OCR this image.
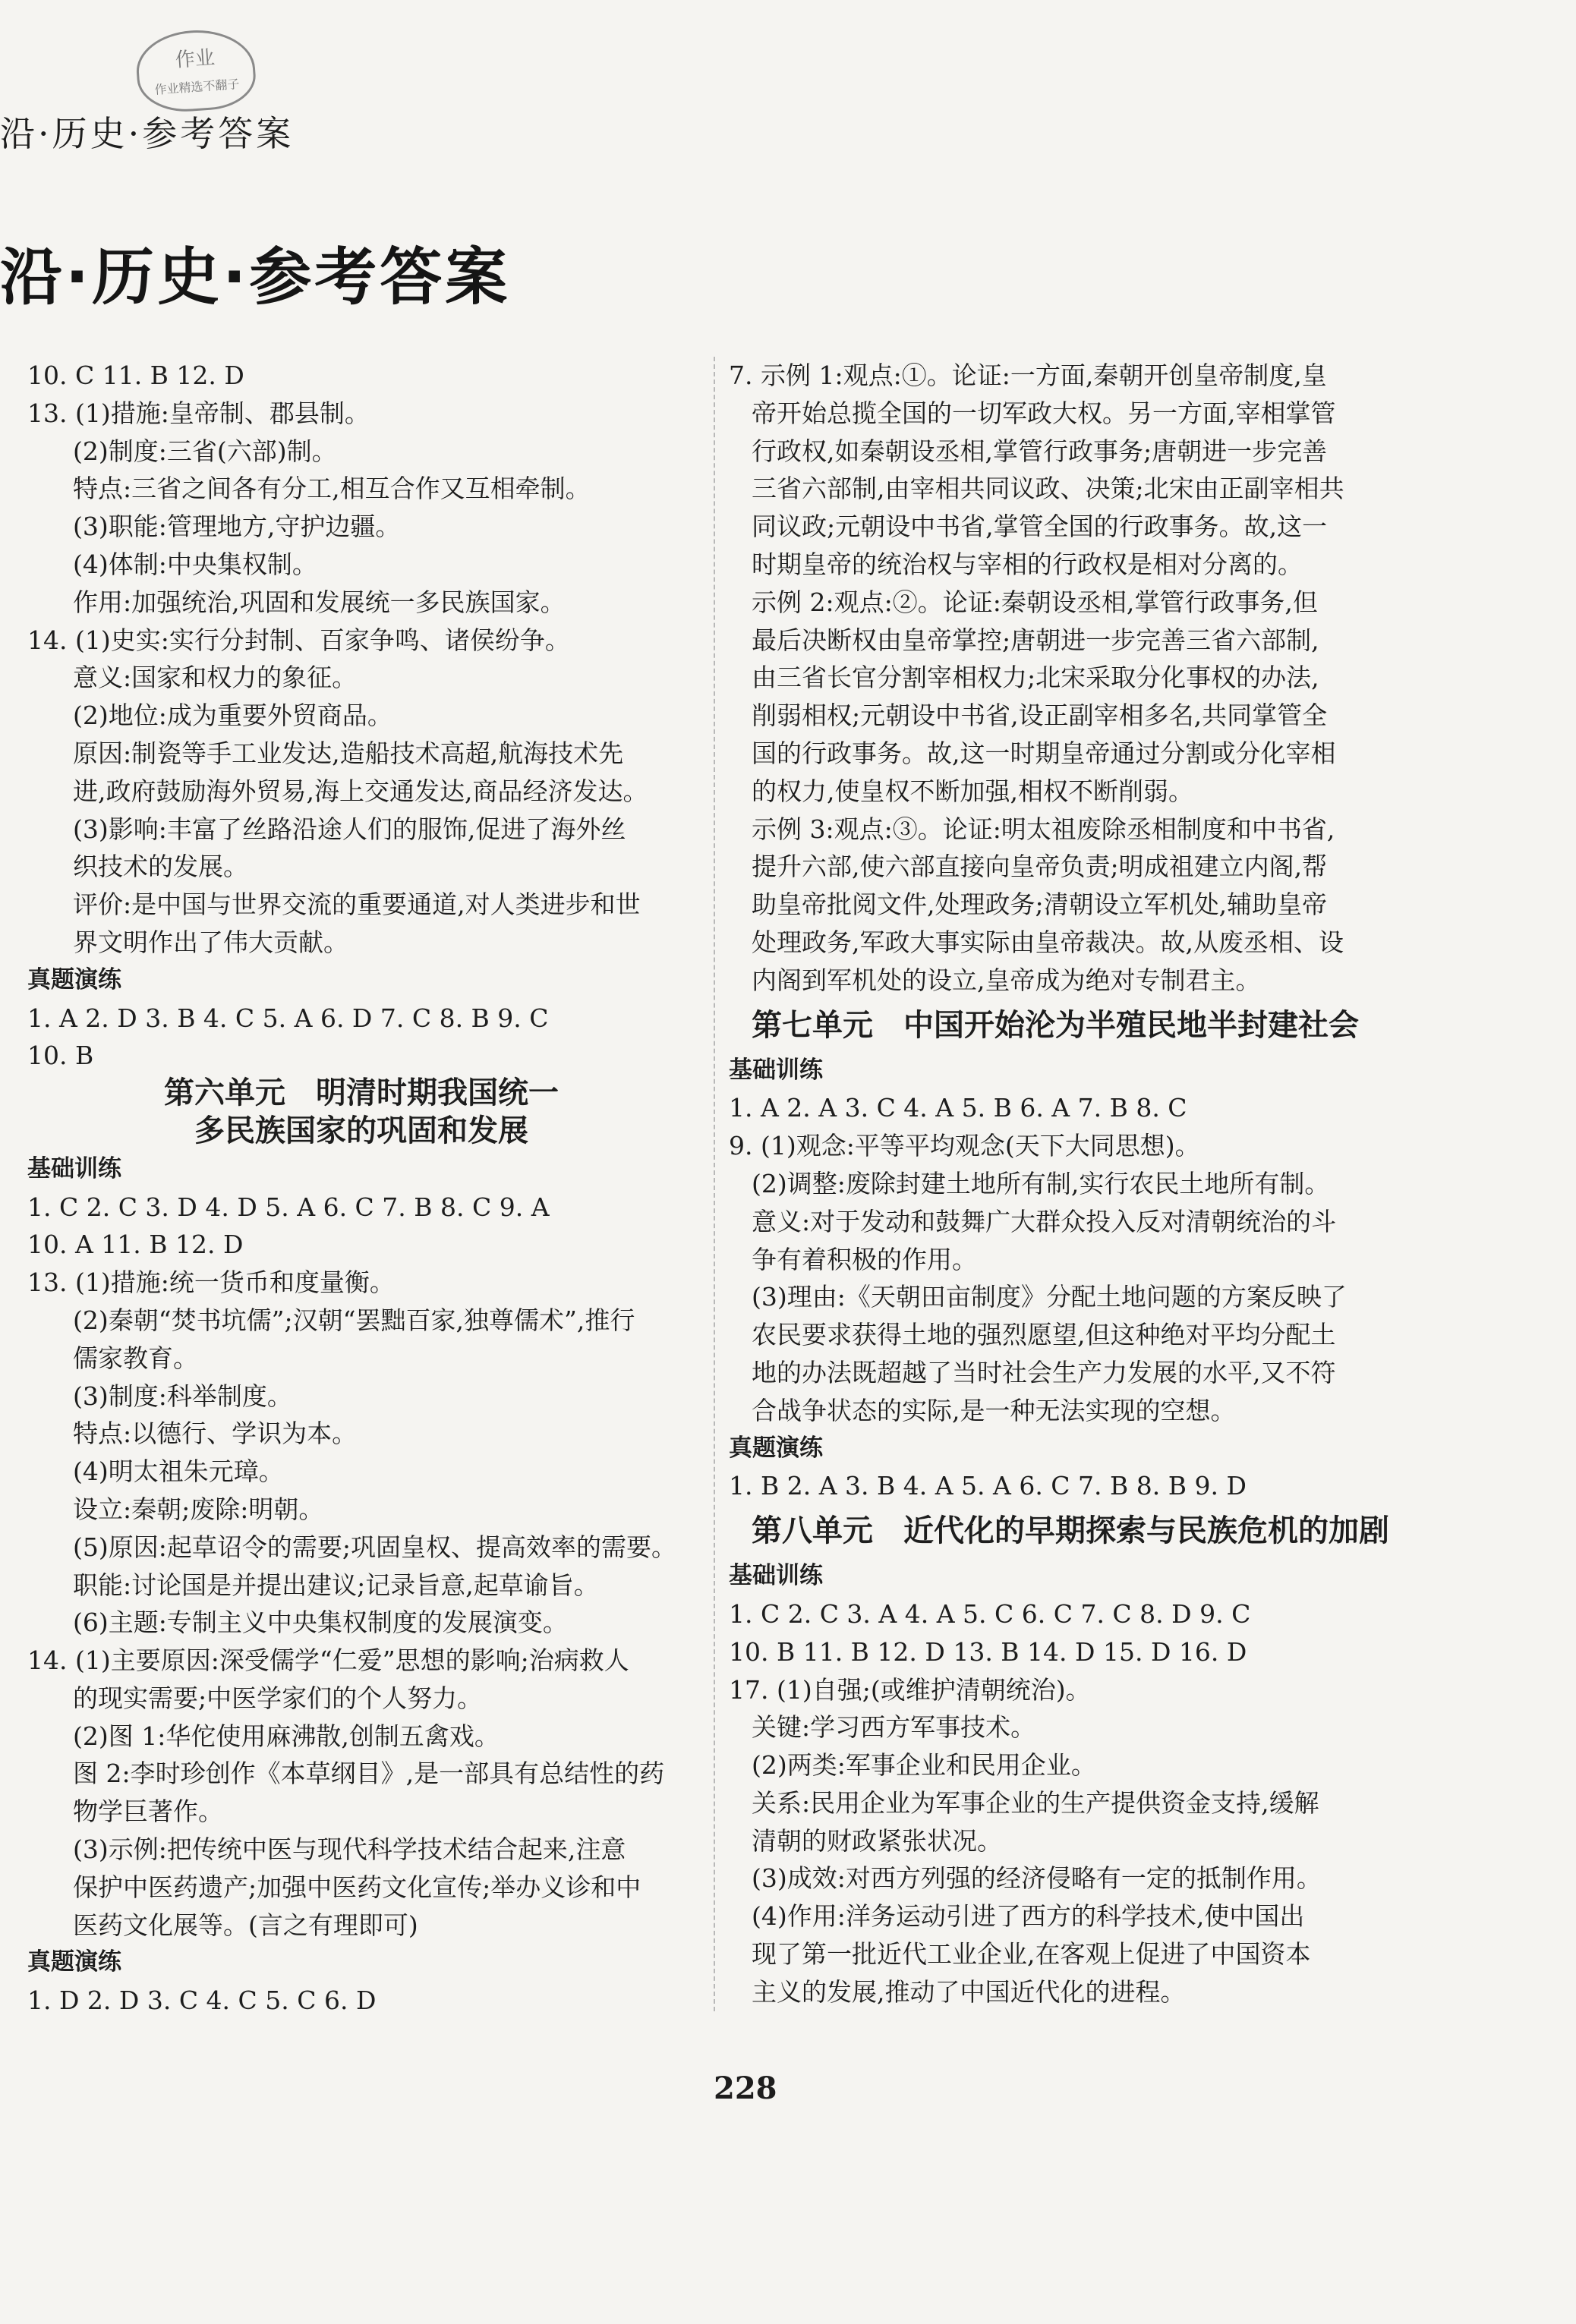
作业
作业精选不翻子
沿·历史·参考答案
沿·历史·参考答案
10. C 11. B 12. D
13. (1)措施:皇帝制、郡县制。
(2)制度:三省(六部)制。
特点:三省之间各有分工,相互合作又互相牵制。
(3)职能:管理地方,守护边疆。
(4)体制:中央集权制。
作用:加强统治,巩固和发展统一多民族国家。
14. (1)史实:实行分封制、百家争鸣、诸侯纷争。
意义:国家和权力的象征。
(2)地位:成为重要外贸商品。
原因:制瓷等手工业发达,造船技术高超,航海技术先
进,政府鼓励海外贸易,海上交通发达,商品经济发达。
(3)影响:丰富了丝路沿途人们的服饰,促进了海外丝
织技术的发展。
评价:是中国与世界交流的重要通道,对人类进步和世
界文明作出了伟大贡献。
真题演练
1. A 2. D 3. B 4. C 5. A 6. D 7. C 8. B 9. C
10. B
第六单元　明清时期我国统一
多民族国家的巩固和发展
基础训练
1. C 2. C 3. D 4. D 5. A 6. C 7. B 8. C 9. A
10. A 11. B 12. D
13. (1)措施:统一货币和度量衡。
(2)秦朝“焚书坑儒”;汉朝“罢黜百家,独尊儒术”,推行
儒家教育。
(3)制度:科举制度。
特点:以德行、学识为本。
(4)明太祖朱元璋。
设立:秦朝;废除:明朝。
(5)原因:起草诏令的需要;巩固皇权、提高效率的需要。
职能:讨论国是并提出建议;记录旨意,起草谕旨。
(6)主题:专制主义中央集权制度的发展演变。
14. (1)主要原因:深受儒学“仁爱”思想的影响;治病救人
的现实需要;中医学家们的个人努力。
(2)图 1:华佗使用麻沸散,创制五禽戏。
图 2:李时珍创作《本草纲目》,是一部具有总结性的药
物学巨著作。
(3)示例:把传统中医与现代科学技术结合起来,注意
保护中医药遗产;加强中医药文化宣传;举办义诊和中
医药文化展等。(言之有理即可)
真题演练
1. D 2. D 3. C 4. C 5. C 6. D
7. 示例 1:观点:①。论证:一方面,秦朝开创皇帝制度,皇
帝开始总揽全国的一切军政大权。另一方面,宰相掌管
行政权,如秦朝设丞相,掌管行政事务;唐朝进一步完善
三省六部制,由宰相共同议政、决策;北宋由正副宰相共
同议政;元朝设中书省,掌管全国的行政事务。故,这一
时期皇帝的统治权与宰相的行政权是相对分离的。
示例 2:观点:②。论证:秦朝设丞相,掌管行政事务,但
最后决断权由皇帝掌控;唐朝进一步完善三省六部制,
由三省长官分割宰相权力;北宋采取分化事权的办法,
削弱相权;元朝设中书省,设正副宰相多名,共同掌管全
国的行政事务。故,这一时期皇帝通过分割或分化宰相
的权力,使皇权不断加强,相权不断削弱。
示例 3:观点:③。论证:明太祖废除丞相制度和中书省,
提升六部,使六部直接向皇帝负责;明成祖建立内阁,帮
助皇帝批阅文件,处理政务;清朝设立军机处,辅助皇帝
处理政务,军政大事实际由皇帝裁决。故,从废丞相、设
内阁到军机处的设立,皇帝成为绝对专制君主。
第七单元　中国开始沦为半殖民地半封建社会
基础训练
1. A 2. A 3. C 4. A 5. B 6. A 7. B 8. C
9. (1)观念:平等平均观念(天下大同思想)。
(2)调整:废除封建土地所有制,实行农民土地所有制。
意义:对于发动和鼓舞广大群众投入反对清朝统治的斗
争有着积极的作用。
(3)理由:《天朝田亩制度》分配土地问题的方案反映了
农民要求获得土地的强烈愿望,但这种绝对平均分配土
地的办法既超越了当时社会生产力发展的水平,又不符
合战争状态的实际,是一种无法实现的空想。
真题演练
1. B 2. A 3. B 4. A 5. A 6. C 7. B 8. B 9. D
第八单元　近代化的早期探索与民族危机的加剧
基础训练
1. C 2. C 3. A 4. A 5. C 6. C 7. C 8. D 9. C
10. B 11. B 12. D 13. B 14. D 15. D 16. D
17. (1)自强;(或维护清朝统治)。
关键:学习西方军事技术。
(2)两类:军事企业和民用企业。
关系:民用企业为军事企业的生产提供资金支持,缓解
清朝的财政紧张状况。
(3)成效:对西方列强的经济侵略有一定的抵制作用。
(4)作用:洋务运动引进了西方的科学技术,使中国出
现了第一批近代工业企业,在客观上促进了中国资本
主义的发展,推动了中国近代化的进程。
228
